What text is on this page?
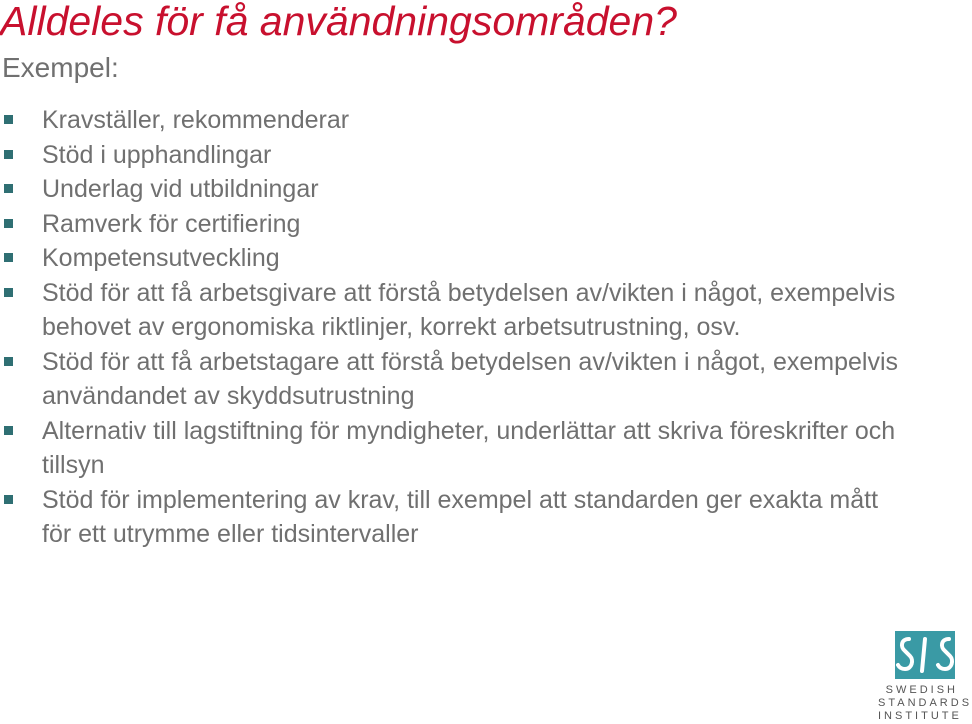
Alldeles för få användningsområden?
Exempel:
Kravställer, rekommenderar
Stöd i upphandlingar
Underlag vid utbildningar
Ramverk för certifiering
Kompetensutveckling
Stöd för att få arbetsgivare att förstå betydelsen av/vikten i något, exempelvis behovet av ergonomiska riktlinjer, korrekt arbetsutrustning, osv.
Stöd för att få arbetstagare att förstå betydelsen av/vikten i något, exempelvis användandet av skyddsutrustning
Alternativ till lagstiftning för myndigheter, underlättar att skriva föreskrifter och tillsyn
Stöd för implementering av krav, till exempel att standarden ger exakta mått för ett utrymme eller tidsintervaller
SWEDISH
STANDARDS
INSTITUTE
